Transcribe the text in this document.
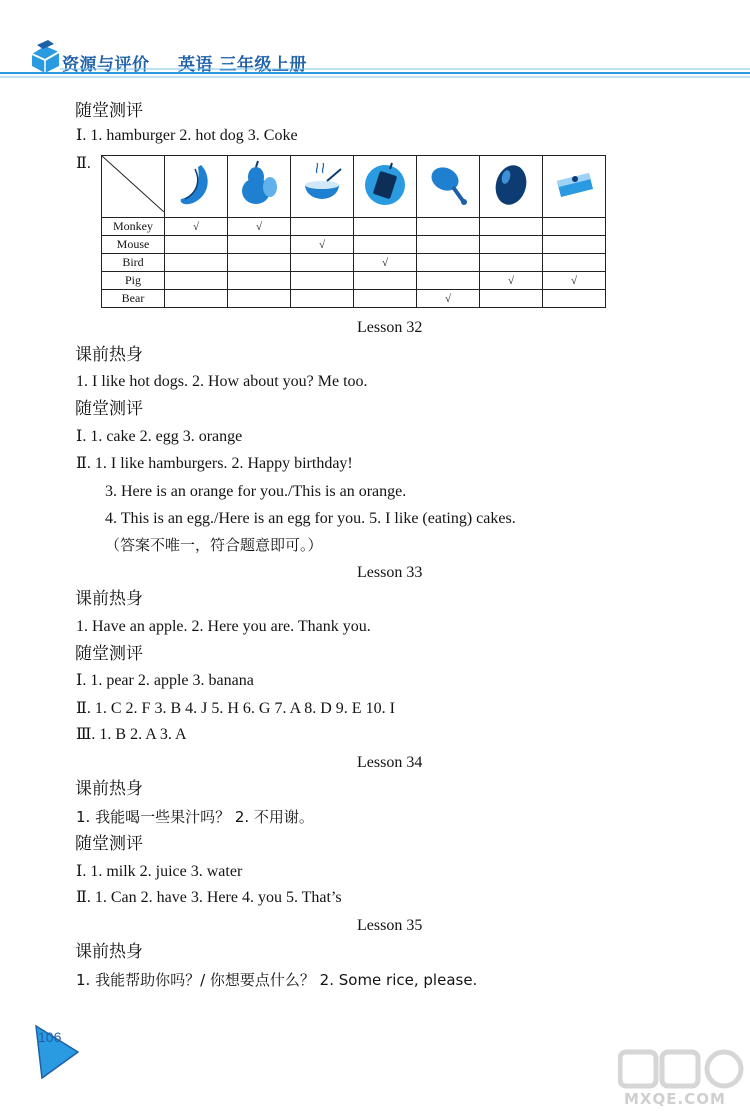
资源与评价 英语 三年级上册
随堂测评
Ⅰ. 1. hamburger 2. hot dog 3. Coke
Ⅱ.

Monkey	√	√					
Mouse			√				
Bird				√			
Pig						√	√
Bear					√		
Lesson 32
课前热身
1. I like hot dogs. 2. How about you? Me too.
随堂测评
Ⅰ. 1. cake 2. egg 3. orange
Ⅱ. 1. I like hamburgers. 2. Happy birthday!
3. Here is an orange for you./This is an orange.
4. This is an egg./Here is an egg for you. 5. I like (eating) cakes.
（答案不唯一，符合题意即可。）
Lesson 33
课前热身
1. Have an apple. 2. Here you are. Thank you.
随堂测评
Ⅰ. 1. pear 2. apple 3. banana
Ⅱ. 1. C 2. F 3. B 4. J 5. H 6. G 7. A 8. D 9. E 10. I
Ⅲ. 1. B 2. A 3. A
Lesson 34
课前热身
1. 我能喝一些果汁吗？ 2. 不用谢。
随堂测评
Ⅰ. 1. milk 2. juice 3. water
Ⅱ. 1. Can 2. have 3. Here 4. you 5. That’s
Lesson 35
课前热身
1. 我能帮助你吗？/ 你想要点什么？ 2. Some rice, please.
106
MXQE.COM
